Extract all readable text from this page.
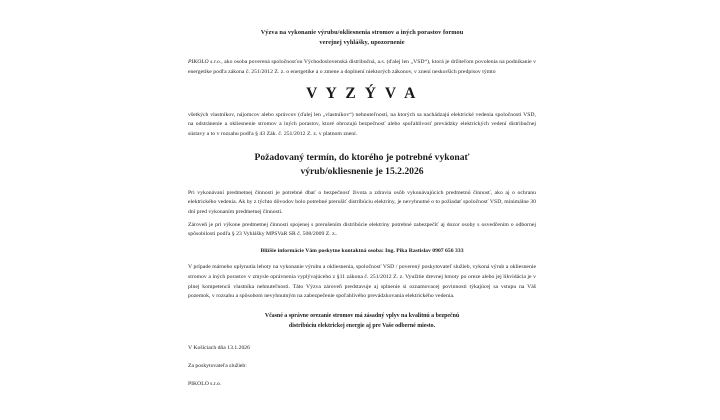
Výzva na vykonanie výrubu/okliesnenia stromov a iných porastov formou
verejnej vyhlášky, upozornenie

PIKOLO s.r.o., ako osoba poverená spoločnosťou Východoslovenská distribučná, a.s. (ďalej len „VSD“), ktorá je držiteľom povolenia na podnikanie v energetike podľa zákona č. 251/2012 Z. z. o energetike a o zmene a doplnení niektorých zákonov, v znení neskorších predpisov týmto

V Y Z Ý V A

všetkých vlastníkov, nájomcov alebo správcov (ďalej len „vlastníkov“) nehnuteľností, na ktorých sa nachádzajú elektrické vedenia spoločnosti VSD, na odstránenie a okliesnenie stromov a iných porastov, ktoré ohrozujú bezpečnosť alebo spoľahlivosť prevádzky elektrických vedení distribučnej sústavy a to v rozsahu podľa § 43 Zák. č. 251/2012 Z. z. v platnom znení.

Požadovaný termín, do ktorého je potrebné vykonať
výrub/okliesnenie je 15.2.2026

Pri vykonávaní predmetnej činnosti je potrebné dbať o bezpečnosť života a zdravia osôb vykonávajúcich predmetnú činnosť, ako aj o ochranu elektrického vedenia. Ak by z týchto dôvodov bolo potrebné prerušiť distribúciu elektriny, je nevyhnutné o to požiadať spoločnosť VSD, minimálne 30 dní pred vykonaním predmetnej činnosti.

Zároveň je pri výkone predmetnej činnosti spojenej s prerušením distribúcie elektriny potrebné zabezpečiť aj dozor osoby s osvedčením o odbornej spôsobilosti podľa § 23 Vyhlášky MPSVaR SR č. 508/2009 Z. z..

Bližšie informácie Vám poskytne kontaktná osoba: Ing. Pika Rastislav 0907 656 333

V prípade márneho uplynutia lehoty na vykonanie výrubu a okliesnenia, spoločnosť VSD / poverený poskytovateľ služieb, vykoná výrub a okliesnenie stromov a iných porastov v zmysle oprávnenia vyplývajúceho z §11 zákona č. 251/2012 Z. z. Využitie drevnej hmoty po oreze alebo jej likvidácia je v plnej kompetencii vlastníka nehnuteľnosti. Táto Výzva zároveň predstavuje aj splnenie si oznamovacej povinnosti týkajúcej sa vstupu na Váš pozemok, v rozsahu a spôsobom nevyhnutným na zabezpečenie spoľahlivého prevádzkovania elektrického vedenia.

Včasné a správne orezanie stromov má zásadný vplyv na kvalitnú a bezpečnú
distribúciu elektrickej energie aj pre Vaše odberné miesto.
V Košiciach dňa 13.1.2026
Za poskytovateľa služieb:
PIKOLO s.r.o.
